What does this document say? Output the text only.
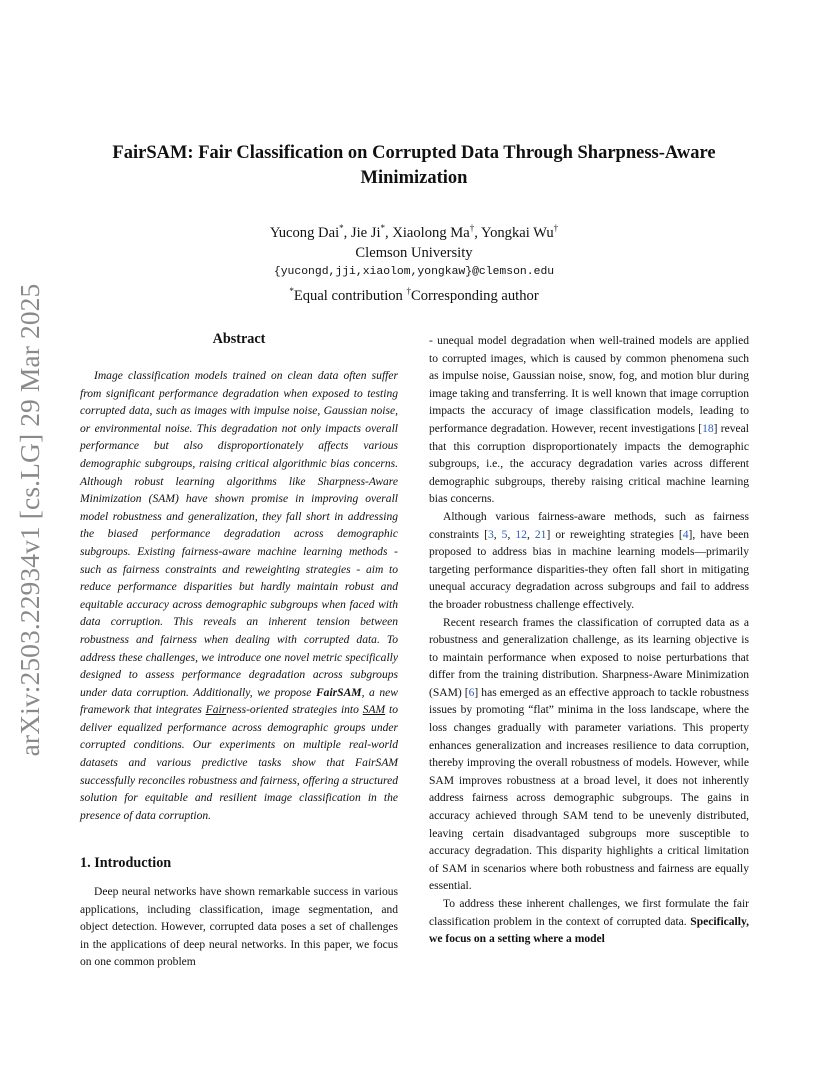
arXiv:2503.22934v1 [cs.LG] 29 Mar 2025
FairSAM: Fair Classification on Corrupted Data Through Sharpness-Aware
Minimization
Yucong Dai*, Jie Ji*, Xiaolong Ma†, Yongkai Wu†
Clemson University
{yucongd,jji,xiaolom,yongkaw}@clemson.edu
*Equal contribution †Corresponding author
Abstract

Image classification models trained on clean data often suffer from significant performance degradation when exposed to testing corrupted data, such as images with impulse noise, Gaussian noise, or environmental noise. This degradation not only impacts overall performance but also disproportionately affects various demographic subgroups, raising critical algorithmic bias concerns. Although robust learning algorithms like Sharpness-Aware Minimization (SAM) have shown promise in improving overall model robustness and generalization, they fall short in addressing the biased performance degradation across demographic subgroups. Existing fairness-aware machine learning methods - such as fairness constraints and reweighting strategies - aim to reduce performance disparities but hardly maintain robust and equitable accuracy across demographic subgroups when faced with data corruption. This reveals an inherent tension between robustness and fairness when dealing with corrupted data. To address these challenges, we introduce one novel metric specifically designed to assess performance degradation across subgroups under data corruption. Additionally, we propose FairSAM, a new framework that integrates Fairness-oriented strategies into SAM to deliver equalized performance across demographic groups under corrupted conditions. Our experiments on multiple real-world datasets and various predictive tasks show that FairSAM successfully reconciles robustness and fairness, offering a structured solution for equitable and resilient image classification in the presence of data corruption.

1. Introduction

Deep neural networks have shown remarkable success in various applications, including classification, image segmentation, and object detection. However, corrupted data poses a set of challenges in the applications of deep neural networks. In this paper, we focus on one common problem

- unequal model degradation when well-trained models are applied to corrupted images, which is caused by common phenomena such as impulse noise, Gaussian noise, snow, fog, and motion blur during image taking and transferring. It is well known that image corruption impacts the accuracy of image classification models, leading to performance degradation. However, recent investigations [18] reveal that this corruption disproportionately impacts the demographic subgroups, i.e., the accuracy degradation varies across different demographic subgroups, thereby raising critical machine learning bias concerns.

Although various fairness-aware methods, such as fairness constraints [3, 5, 12, 21] or reweighting strategies [4], have been proposed to address bias in machine learning models—primarily targeting performance disparities-they often fall short in mitigating unequal accuracy degradation across subgroups and fail to address the broader robustness challenge effectively.

Recent research frames the classification of corrupted data as a robustness and generalization challenge, as its learning objective is to maintain performance when exposed to noise perturbations that differ from the training distribution. Sharpness-Aware Minimization (SAM) [6] has emerged as an effective approach to tackle robustness issues by promoting “flat” minima in the loss landscape, where the loss changes gradually with parameter variations. This property enhances generalization and increases resilience to data corruption, thereby improving the overall robustness of models. However, while SAM improves robustness at a broad level, it does not inherently address fairness across demographic subgroups. The gains in accuracy achieved through SAM tend to be unevenly distributed, leaving certain disadvantaged subgroups more susceptible to accuracy degradation. This disparity highlights a critical limitation of SAM in scenarios where both robustness and fairness are equally essential.

To address these inherent challenges, we first formulate the fair classification problem in the context of corrupted data. Specifically, we focus on a setting where a model
